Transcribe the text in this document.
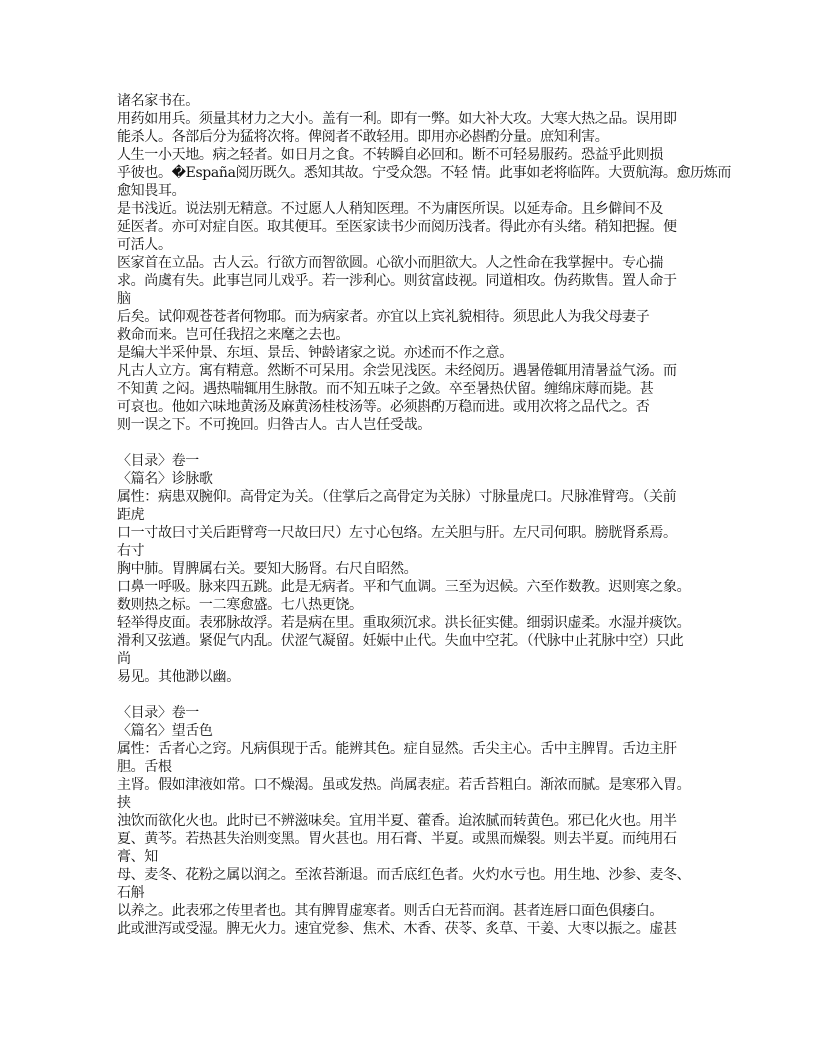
诸名家书在。
用药如用兵。须量其材力之大小。盖有一利。即有一弊。如大补大攻。大寒大热之品。误用即
能杀人。各部后分为猛将次将。俾阅者不敢轻用。即用亦必斟酌分量。庶知利害。
人生一小天地。病之轻者。如日月之食。不转瞬自必回和。断不可轻易服药。恐益乎此则损
乎彼也。�España阅历既久。悉知其故。宁受众怨。不轻 情。此事如老将临阵。大贾航海。愈历炼而
愈知畏耳。
是书浅近。说法别无精意。不过愿人人稍知医理。不为庸医所误。以延寿命。且乡僻间不及
延医者。亦可对症自医。取其便耳。至医家读书少而阅历浅者。得此亦有头绪。稍知把握。便
可活人。
医家首在立品。古人云。行欲方而智欲圆。心欲小而胆欲大。人之性命在我掌握中。专心揣
求。尚虞有失。此事岂同儿戏乎。若一涉利心。则贫富歧视。同道相攻。伪药欺售。置人命于
脑
后矣。试仰观苍苍者何物耶。而为病家者。亦宜以上宾礼貌相待。须思此人为我父母妻子
救命而来。岂可任我招之来麾之去也。
是编大半采仲景、东垣、景岳、钟龄诸家之说。亦述而不作之意。
凡古人立方。寓有精意。然断不可呆用。余尝见浅医。未经阅历。遇暑倦辄用清暑益气汤。而
不知黄 之闷。遇热喘辄用生脉散。而不知五味子之敛。卒至暑热伏留。缠绵床蓐而毙。甚
可哀也。他如六味地黄汤及麻黄汤桂枝汤等。必须斟酌万稳而进。或用次将之品代之。否
则一误之下。不可挽回。归咎古人。古人岂任受哉。
〈目录〉卷一
〈篇名〉诊脉歌
属性：病患双腕仰。高骨定为关。（住掌后之高骨定为关脉）寸脉量虎口。尺脉准臂弯。（关前
距虎
口一寸故曰寸关后距臂弯一尺故曰尺）左寸心包络。左关胆与肝。左尺司何职。膀胱肾系焉。
右寸
胸中肺。胃脾属右关。要知大肠肾。右尺自昭然。
口鼻一呼吸。脉来四五跳。此是无病者。平和气血调。三至为迟候。六至作数教。迟则寒之象。
数则热之标。一二寒愈盛。七八热更饶。
轻举得皮面。表邪脉故浮。若是病在里。重取须沉求。洪长征实健。细弱识虚柔。水湿并痰饮。
滑利又弦遒。紧促气内乱。伏涩气凝留。妊娠中止代。失血中空芤。（代脉中止芤脉中空）只此
尚
易见。其他渺以幽。
〈目录〉卷一
〈篇名〉望舌色
属性：舌者心之窍。凡病俱现于舌。能辨其色。症自显然。舌尖主心。舌中主脾胃。舌边主肝
胆。舌根
主肾。假如津液如常。口不燥渴。虽或发热。尚属表症。若舌苔粗白。渐浓而腻。是寒邪入胃。
挟
浊饮而欲化火也。此时已不辨滋味矣。宜用半夏、藿香。迨浓腻而转黄色。邪已化火也。用半
夏、黄芩。若热甚失治则变黑。胃火甚也。用石膏、半夏。或黑而燥裂。则去半夏。而纯用石
膏、知
母、麦冬、花粉之属以润之。至浓苔渐退。而舌底红色者。火灼水亏也。用生地、沙参、麦冬、
石斛
以养之。此表邪之传里者也。其有脾胃虚寒者。则舌白无苔而润。甚者连唇口面色俱痿白。
此或泄泻或受湿。脾无火力。速宜党参、焦术、木香、茯苓、炙草、干姜、大枣以振之。虚甚
